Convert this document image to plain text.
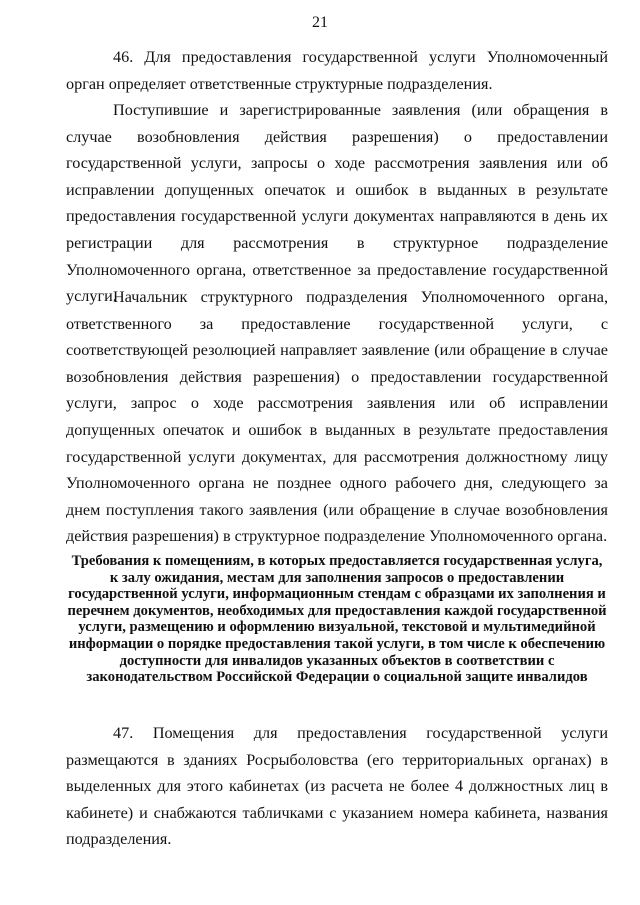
21

46. Для предоставления государственной услуги Уполномоченный орган определяет ответственные структурные подразделения.

Поступившие и зарегистрированные заявления (или обращения в случае возобновления действия разрешения) о предоставлении государственной услуги, запросы о ходе рассмотрения заявления или об исправлении допущенных опечаток и ошибок в выданных в результате предоставления государственной услуги документах направляются в день их регистрации для рассмотрения в структурное подразделение Уполномоченного органа, ответственное за предоставление государственной услуги.

Начальник структурного подразделения Уполномоченного органа, ответственного за предоставление государственной услуги, с соответствующей резолюцией направляет заявление (или обращение в случае возобновления действия разрешения) о предоставлении государственной услуги, запрос о ходе рассмотрения заявления или об исправлении допущенных опечаток и ошибок в выданных в результате предоставления государственной услуги документах, для рассмотрения должностному лицу Уполномоченного органа не позднее одного рабочего дня, следующего за днем поступления такого заявления (или обращение в случае возобновления действия разрешения) в структурное подразделение Уполномоченного органа.

Требования к помещениям, в которых предоставляется государственная услуга, к залу ожидания, местам для заполнения запросов о предоставлении государственной услуги, информационным стендам с образцами их заполнения и перечнем документов, необходимых для предоставления каждой государственной услуги, размещению и оформлению визуальной, текстовой и мультимедийной информации о порядке предоставления такой услуги, в том числе к обеспечению доступности для инвалидов указанных объектов в соответствии с законодательством Российской Федерации о социальной защите инвалидов

47. Помещения для предоставления государственной услуги размещаются в зданиях Росрыболовства (его территориальных органах) в выделенных для этого кабинетах (из расчета не более 4 должностных лиц в кабинете) и снабжаются табличками с указанием номера кабинета, названия подразделения.
